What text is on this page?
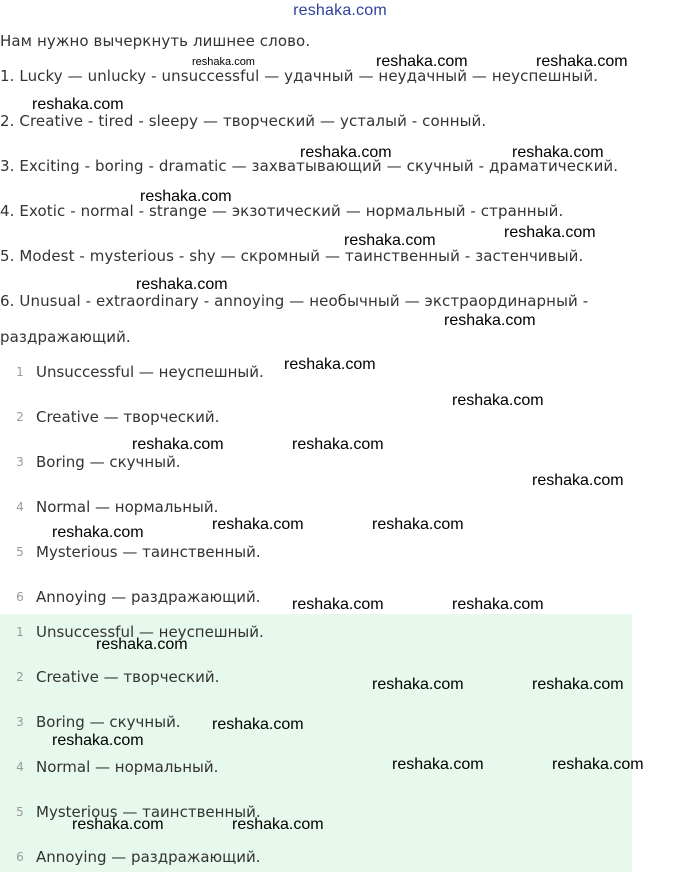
reshaka.com
Нам нужно вычеркнуть лишнее слово.
1. Lucky — unlucky - unsuccessful — удачный — неудачный — неуспешный.
2. Creative - tired - sleepy — творческий — усталый - сонный.
3. Exciting - boring - dramatic — захватывающий — скучный - драматический.
4. Exotic - normal - strange — экзотический — нормальный - странный.
5. Modest - mysterious - shy — скромный — таинственный - застенчивый.
6. Unusual - extraordinary - annoying — необычный — экстраординарный -
раздражающий.
1 Unsuccessful — неуспешный.
2 Creative — творческий.
3 Boring — скучный.
4 Normal — нормальный.
5 Mysterious — таинственный.
6 Annoying — раздражающий.
1 Unsuccessful — неуспешный.
2 Creative — творческий.
3 Boring — скучный.
4 Normal — нормальный.
5 Mysterious — таинственный.
6 Annoying — раздражающий.
reshaka.com	reshaka.com	reshaka.com
reshaka.com
reshaka.com	reshaka.com
reshaka.com
reshaka.com	reshaka.com
reshaka.com
reshaka.com
reshaka.com
reshaka.com
reshaka.com	reshaka.com
reshaka.com
reshaka.com	reshaka.com
reshaka.com
reshaka.com	reshaka.com
reshaka.com
reshaka.com	reshaka.com
reshaka.com
reshaka.com
reshaka.com	reshaka.com
reshaka.com	reshaka.com
